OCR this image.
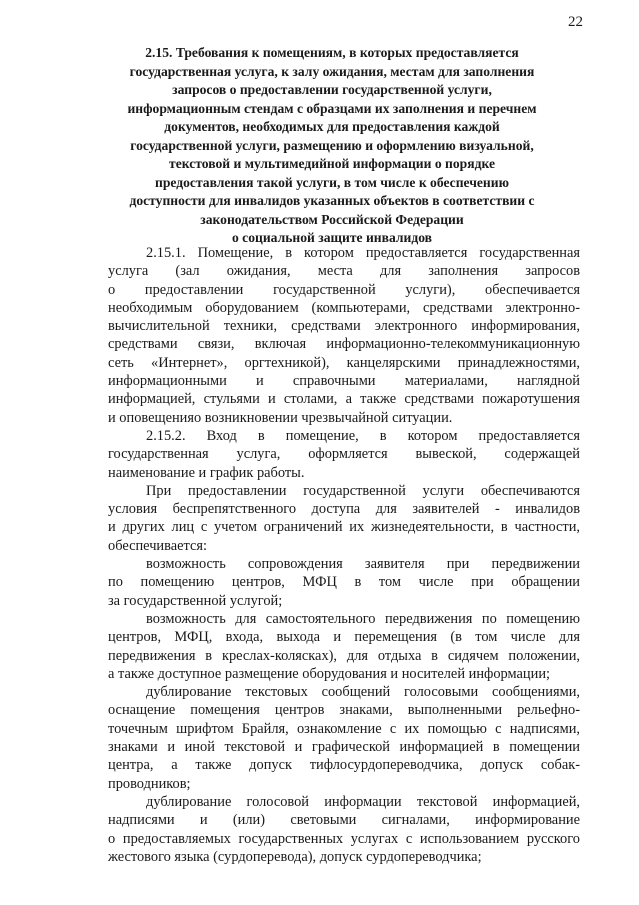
22
2.15. Требования к помещениям, в которых предоставляется
государственная услуга, к залу ожидания, местам для заполнения
запросов о предоставлении государственной услуги,
информационным стендам с образцами их заполнения и перечнем
документов, необходимых для предоставления каждой
государственной услуги, размещению и оформлению визуальной,
текстовой и мультимедийной информации о порядке
предоставления такой услуги, в том числе к обеспечению
доступности для инвалидов указанных объектов в соответствии с
законодательством Российской Федерации
о социальной защите инвалидов

2.15.1. Помещение, в котором предоставляется государственная
услуга (зал ожидания, места для заполнения запросов
о предоставлении государственной услуги), обеспечивается
необходимым оборудованием (компьютерами, средствами электронно-
вычислительной техники, средствами электронного информирования,
средствами связи, включая информационно-телекоммуникационную
сеть «Интернет», оргтехникой), канцелярскими принадлежностями,
информационными и справочными материалами, наглядной
информацией, стульями и столами, а также средствами пожаротушения
и оповещенияо возникновении чрезвычайной ситуации.

2.15.2. Вход в помещение, в котором предоставляется
государственная услуга, оформляется вывеской, содержащей
наименование и график работы.

При предоставлении государственной услуги обеспечиваются
условия беспрепятственного доступа для заявителей - инвалидов
и других лиц с учетом ограничений их жизнедеятельности, в частности,
обеспечивается:

возможность сопровождения заявителя при передвижении
по помещению центров, МФЦ в том числе при обращении
за государственной услугой;

возможность для самостоятельного передвижения по помещению
центров, МФЦ, входа, выхода и перемещения (в том числе для
передвижения в креслах-колясках), для отдыха в сидячем положении,
а также доступное размещение оборудования и носителей информации;

дублирование текстовых сообщений голосовыми сообщениями,
оснащение помещения центров знаками, выполненными рельефно-
точечным шрифтом Брайля, ознакомление с их помощью с надписями,
знаками и иной текстовой и графической информацией в помещении
центра, а также допуск тифлосурдопереводчика, допуск собак-
проводников;

дублирование голосовой информации текстовой информацией,
надписями и (или) световыми сигналами, информирование
о предоставляемых государственных услугах с использованием русского
жестового языка (сурдоперевода), допуск сурдопереводчика;
